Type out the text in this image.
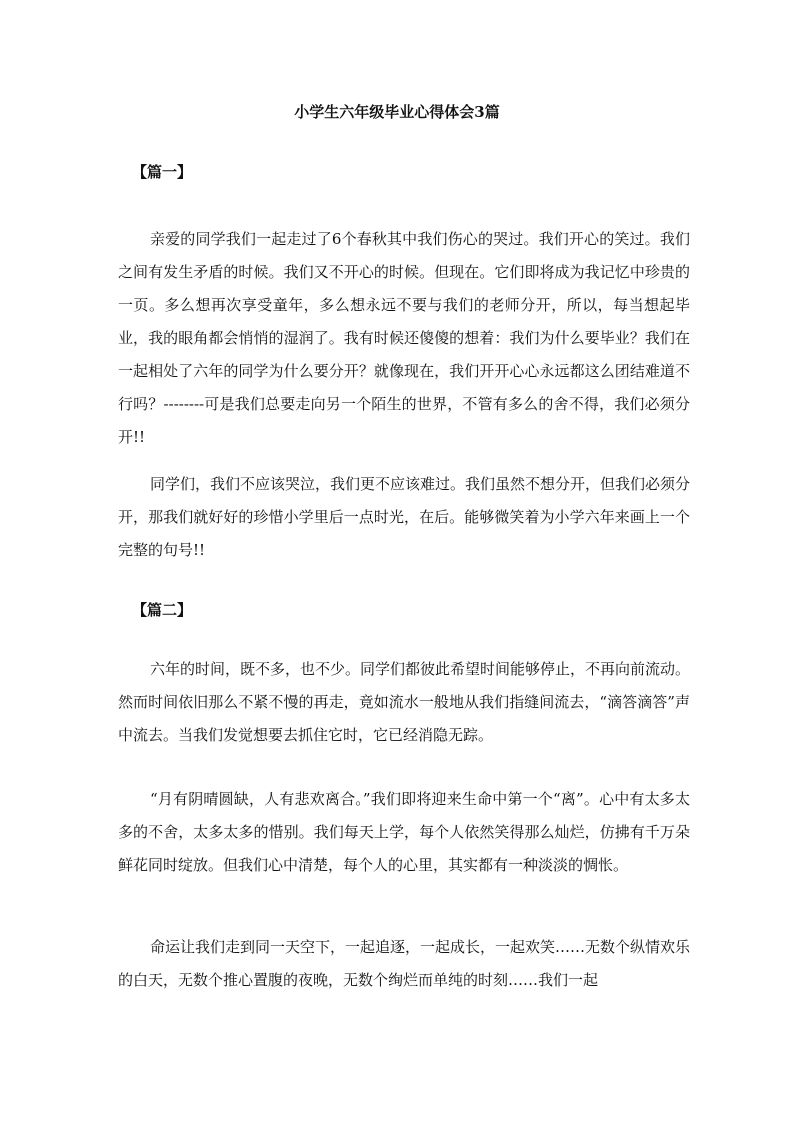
小学生六年级毕业心得体会3篇
【篇一】

亲爱的同学我们一起走过了6个春秋其中我们伤心的哭过。我们开心的笑过。我们之间有发生矛盾的时候。我们又不开心的时候。但现在。它们即将成为我记忆中珍贵的一页。多么想再次享受童年，多么想永远不要与我们的老师分开，所以，每当想起毕业，我的眼角都会悄悄的湿润了。我有时候还傻傻的想着：我们为什么要毕业？我们在一起相处了六年的同学为什么要分开？就像现在，我们开开心心永远都这么团结难道不行吗？--------可是我们总要走向另一个陌生的世界，不管有多么的舍不得，我们必须分开!!

同学们，我们不应该哭泣，我们更不应该难过。我们虽然不想分开，但我们必须分开，那我们就好好的珍惜小学里后一点时光，在后。能够微笑着为小学六年来画上一个完整的句号!!

【篇二】

六年的时间，既不多，也不少。同学们都彼此希望时间能够停止，不再向前流动。然而时间依旧那么不紧不慢的再走，竟如流水一般地从我们指缝间流去，“滴答滴答”声中流去。当我们发觉想要去抓住它时，它已经消隐无踪。

“月有阴晴圆缺，人有悲欢离合。”我们即将迎来生命中第一个“离”。心中有太多太多的不舍，太多太多的惜别。我们每天上学，每个人依然笑得那么灿烂，仿拂有千万朵鲜花同时绽放。但我们心中清楚，每个人的心里，其实都有一种淡淡的惆怅。

命运让我们走到同一天空下，一起追逐，一起成长，一起欢笑……无数个纵情欢乐的白天，无数个推心置腹的夜晚，无数个绚烂而单纯的时刻……我们一起
